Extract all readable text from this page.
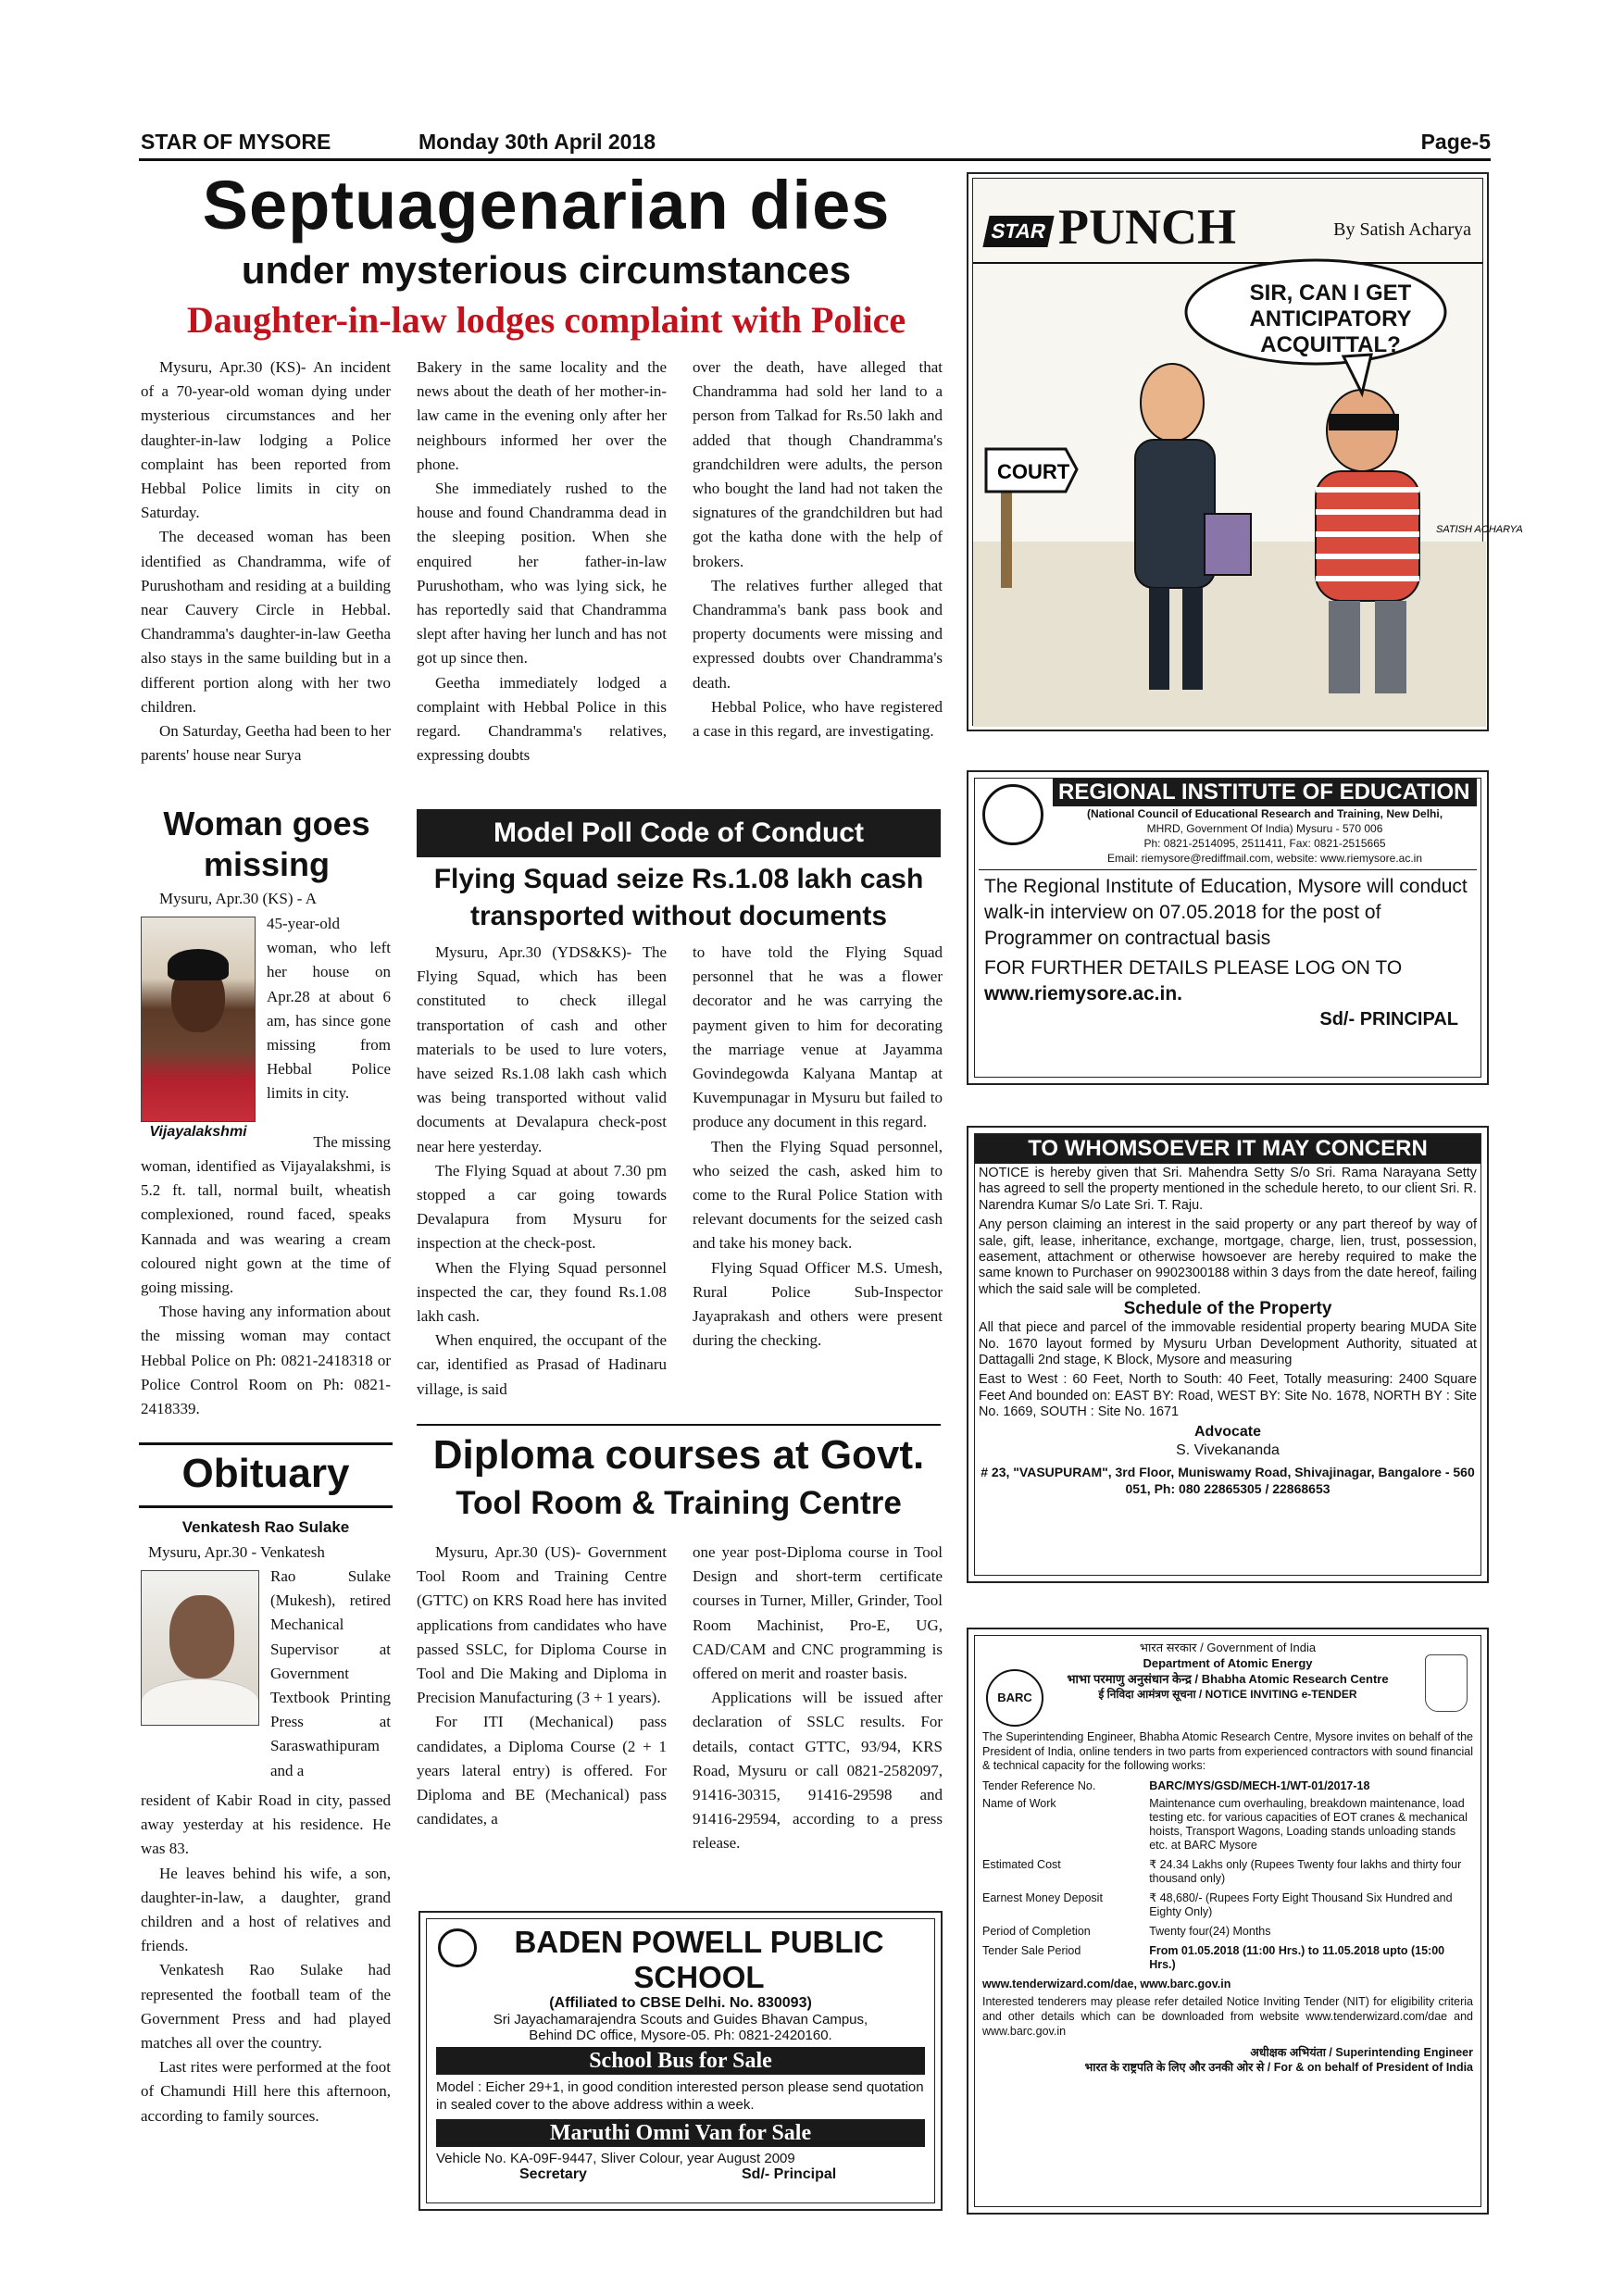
STAR OF MYSORE	Monday 30th April 2018	Page-5
Septuagenarian dies
under mysterious circumstances
Daughter-in-law lodges complaint with Police

Mysuru, Apr.30 (KS)- An incident of a 70-year-old woman dying under mysterious circumstances and her daughter-in-law lodging a Police complaint has been reported from Hebbal Police limits in city on Saturday.

The deceased woman has been identified as Chandramma, wife of Purushotham and residing at a building near Cauvery Circle in Hebbal. Chandramma's daughter-in-law Geetha also stays in the same building but in a different portion along with her two children.

On Saturday, Geetha had been to her parents' house near Surya

Bakery in the same locality and the news about the death of her mother-in-law came in the evening only after her neighbours informed her over the phone.

She immediately rushed to the house and found Chandramma dead in the sleeping position. When she enquired her father-in-law Purushotham, who was lying sick, he has reportedly said that Chandramma slept after having her lunch and has not got up since then.

Geetha immediately lodged a complaint with Hebbal Police in this regard. Chandramma's relatives, expressing doubts

over the death, have alleged that Chandramma had sold her land to a person from Talkad for Rs.50 lakh and added that though Chandramma's grandchildren were adults, the person who bought the land had not taken the signatures of the grandchildren but had got the katha done with the help of brokers.

The relatives further alleged that Chandramma's bank pass book and property documents were missing and expressed doubts over Chandramma's death.

Hebbal Police, who have registered a case in this regard, are investigating.

Woman goes
missing

Mysuru, Apr.30 (KS) - A

Vijayalakshmi
45-year-old woman, who left her house on Apr.28 at about 6 am, has since gone missing from Hebbal Police limits in city.
The missing

woman, identified as Vijayalakshmi, is 5.2 ft. tall, normal built, wheatish complexioned, round faced, speaks Kannada and was wearing a cream coloured night gown at the time of going missing.

Those having any information about the missing woman may contact Hebbal Police on Ph: 0821-2418318 or Police Control Room on Ph: 0821-2418339.

Obituary
Venkatesh Rao Sulake
Mysuru, Apr.30 - Venkatesh
Rao Sulake (Mukesh), retired Mechanical Supervisor at Government Textbook Printing Press at Saraswathipuram and a

resident of Kabir Road in city, passed away yesterday at his residence. He was 83.

He leaves behind his wife, a son, daughter-in-law, a daughter, grand children and a host of relatives and friends.

Venkatesh Rao Sulake had represented the football team of the Government Press and had played matches all over the country.

Last rites were performed at the foot of Chamundi Hill here this afternoon, according to family sources.

Model Poll Code of Conduct
Flying Squad seize Rs.1.08 lakh cash
transported without documents

Mysuru, Apr.30 (YDS&KS)- The Flying Squad, which has been constituted to check illegal transportation of cash and other materials to be used to lure voters, have seized Rs.1.08 lakh cash which was being transported without valid documents at Devalapura check-post near here yesterday.

The Flying Squad at about 7.30 pm stopped a car going towards Devalapura from Mysuru for inspection at the check-post.

When the Flying Squad personnel inspected the car, they found Rs.1.08 lakh cash.

When enquired, the occupant of the car, identified as Prasad of Hadinaru village, is said

to have told the Flying Squad personnel that he was a flower decorator and he was carrying the payment given to him for decorating the marriage venue at Jayamma Govindegowda Kalyana Mantap at Kuvempunagar in Mysuru but failed to produce any document in this regard.

Then the Flying Squad personnel, who seized the cash, asked him to come to the Rural Police Station with relevant documents for the seized cash and take his money back.

Flying Squad Officer M.S. Umesh, Rural Police Sub-Inspector Jayaprakash and others were present during the checking.

Diploma courses at Govt.
Tool Room & Training Centre

Mysuru, Apr.30 (US)- Government Tool Room and Training Centre (GTTC) on KRS Road here has invited applications from candidates who have passed SSLC, for Diploma Course in Tool and Die Making and Diploma in Precision Manufacturing (3 + 1 years).

For ITI (Mechanical) pass candidates, a Diploma Course (2 + 1 years lateral entry) is offered. For Diploma and BE (Mechanical) pass candidates, a

one year post-Diploma course in Tool Design and short-term certificate courses in Turner, Miller, Grinder, Tool Room Machinist, Pro-E, UG, CAD/CAM and CNC programming is offered on merit and roaster basis.

Applications will be issued after declaration of SSLC results. For details, contact GTTC, 93/94, KRS Road, Mysuru or call 0821-2582097, 91416-30315, 91416-29598 and 91416-29594, according to a press release.

BADEN POWELL PUBLIC SCHOOL
(Affiliated to CBSE Delhi. No. 830093)
Sri Jayachamarajendra Scouts and Guides Bhavan Campus,
Behind DC office, Mysore-05. Ph: 0821-2420160.
School Bus for Sale
Model : Eicher 29+1, in good condition interested person please send quotation in sealed cover to the above address within a week.
Maruthi Omni Van for Sale
Vehicle No. KA-09F-9447, Sliver Colour, year August 2009
Secretary	Sd/- Principal
STAR PUNCH	By Satish Acharya
COURT
SATISH ACHARYA
SIR, CAN I GET ANTICIPATORY ACQUITTAL?
REGIONAL INSTITUTE OF EDUCATION
(National Council of Educational Research and Training, New Delhi,
MHRD, Government Of India) Mysuru - 570 006
Ph: 0821-2514095, 2511411, Fax: 0821-2515665
Email: riemysore@rediffmail.com, website: www.riemysore.ac.in
The Regional Institute of Education, Mysore will conduct walk-in interview on 07.05.2018 for the post of Programmer on contractual basis
FOR FURTHER DETAILS PLEASE LOG ON TO
www.riemysore.ac.in.
Sd/- PRINCIPAL
TO WHOMSOEVER IT MAY CONCERN
NOTICE is hereby given that Sri. Mahendra Setty S/o Sri. Rama Narayana Setty has agreed to sell the property mentioned in the schedule hereto, to our client Sri. R. Narendra Kumar S/o Late Sri. T. Raju.
Any person claiming an interest in the said property or any part thereof by way of sale, gift, lease, inheritance, exchange, mortgage, charge, lien, trust, possession, easement, attachment or otherwise howsoever are hereby required to make the same known to Purchaser on 9902300188 within 3 days from the date hereof, failing which the said sale will be completed.
Schedule of the Property
All that piece and parcel of the immovable residential property bearing MUDA Site No. 1670 layout formed by Mysuru Urban Development Authority, situated at Dattagalli 2nd stage, K Block, Mysore and measuring
East to West : 60 Feet, North to South: 40 Feet, Totally measuring: 2400 Square Feet And bounded on: EAST BY: Road, WEST BY: Site No. 1678, NORTH BY : Site No. 1669, SOUTH : Site No. 1671
Advocate
S. Vivekananda
# 23, "VASUPURAM", 3rd Floor, Muniswamy Road, Shivajinagar, Bangalore - 560 051, Ph: 080 22865305 / 22868653
BARC
भारत सरकार / Government of India
Department of Atomic Energy
भाभा परमाणु अनुसंधान केन्द्र / Bhabha Atomic Research Centre
ई निविदा आमंत्रण सूचना / NOTICE INVITING e-TENDER
The Superintending Engineer, Bhabha Atomic Research Centre, Mysore invites on behalf of the President of India, online tenders in two parts from experienced contractors with sound financial & technical capacity for the following works:
Tender Reference No.	BARC/MYS/GSD/MECH-1/WT-01/2017-18
Name of Work	Maintenance cum overhauling, breakdown maintenance, load testing etc. for various capacities of EOT cranes & mechanical hoists, Transport Wagons, Loading stands unloading stands etc. at BARC Mysore
Estimated Cost	₹ 24.34 Lakhs only (Rupees Twenty four lakhs and thirty four thousand only)
Earnest Money Deposit	₹ 48,680/- (Rupees Forty Eight Thousand Six Hundred and Eighty Only)
Period of Completion	Twenty four(24) Months
Tender Sale Period	From 01.05.2018 (11:00 Hrs.) to 11.05.2018 upto (15:00 Hrs.)
www.tenderwizard.com/dae, www.barc.gov.in
Interested tenderers may please refer detailed Notice Inviting Tender (NIT) for eligibility criteria and other details which can be downloaded from website www.tenderwizard.com/dae and www.barc.gov.in
अधीक्षक अभियंता / Superintending Engineer
भारत के राष्ट्रपति के लिए और उनकी ओर से / For & on behalf of President of India
